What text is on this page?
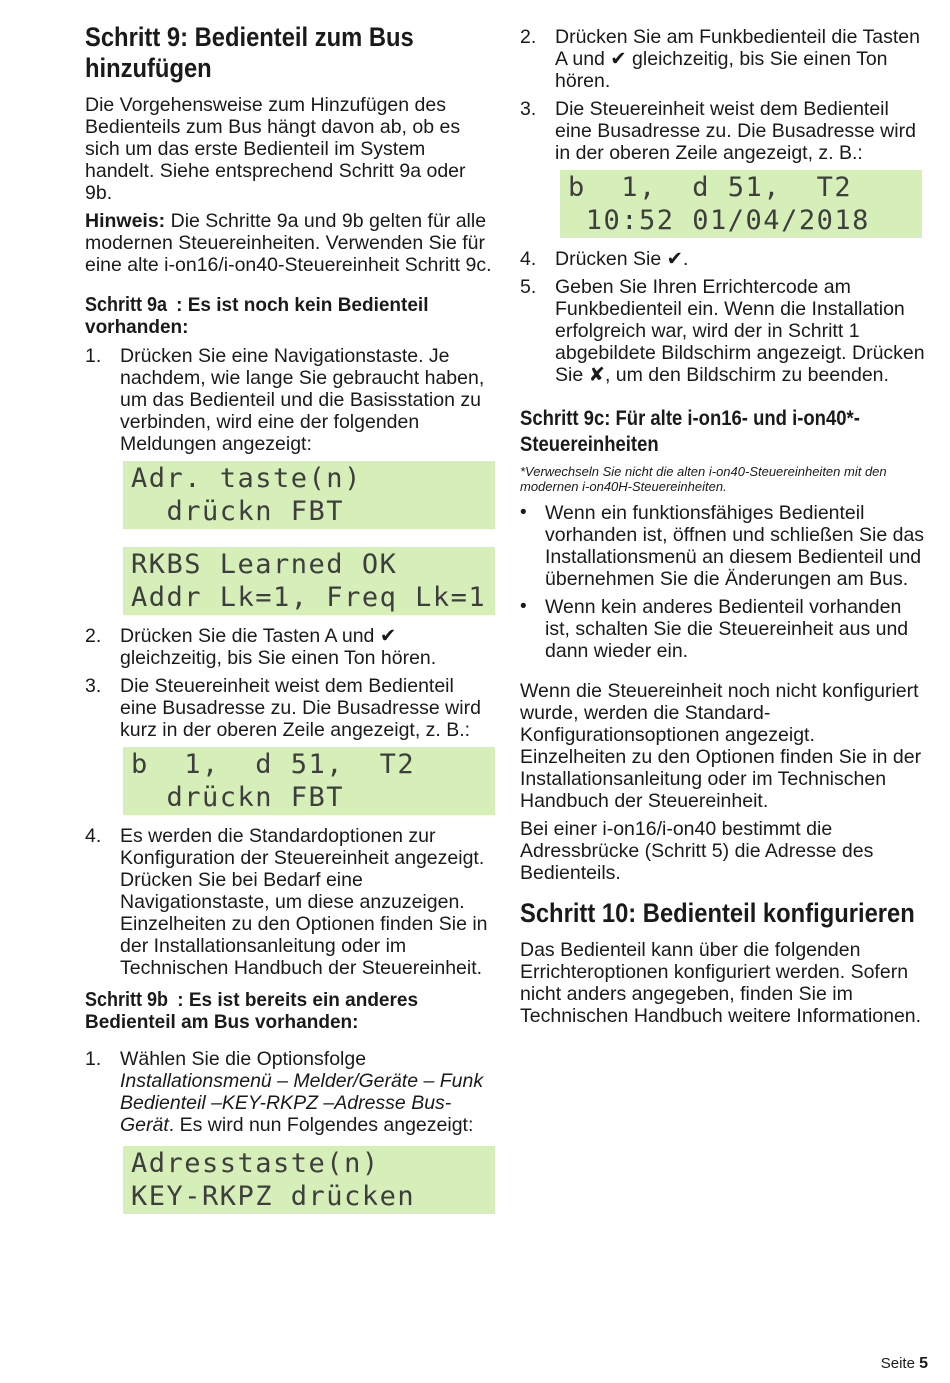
Schritt 9: Bedienteil zum Bus hinzufügen

Die Vorgehensweise zum Hinzufügen des Bedienteils zum Bus hängt davon ab, ob es sich um das erste Bedienteil im System handelt. Siehe entsprechend Schritt 9a oder 9b.

Hinweis: Die Schritte 9a und 9b gelten für alle modernen Steuereinheiten. Verwenden Sie für eine alte i-on16/i-on40-Steuereinheit Schritt 9c.

Schritt 9a : Es ist noch kein Bedienteil vorhanden:
1. Drücken Sie eine Navigationstaste. Je nachdem, wie lange Sie gebraucht haben, um das Bedienteil und die Basisstation zu verbinden, wird eine der folgenden Meldungen angezeigt:
Adr. taste(n)
drückn FBT
RKBS Learned OK
Addr Lk=1, Freq Lk=1
2. Drücken Sie die Tasten A und ✔ gleichzeitig, bis Sie einen Ton hören.
3. Die Steuereinheit weist dem Bedienteil eine Busadresse zu. Die Busadresse wird kurz in der oberen Zeile angezeigt, z. B.:
b  1,  d 51,  T2
drückn FBT
4. Es werden die Standardoptionen zur Konfiguration der Steuereinheit angezeigt. Drücken Sie bei Bedarf eine Navigationstaste, um diese anzuzeigen. Einzelheiten zu den Optionen finden Sie in der Installationsanleitung oder im Technischen Handbuch der Steuereinheit.
Schritt 9b : Es ist bereits ein anderes Bedienteil am Bus vorhanden:
1. Wählen Sie die Optionsfolge Installationsmenü – Melder/Geräte – Funk Bedienteil –KEY-RKPZ –Adresse Bus-Gerät. Es wird nun Folgendes angezeigt:
Adresstaste(n)
KEY-RKPZ drücken
2. Drücken Sie am Funkbedienteil die Tasten A und ✔ gleichzeitig, bis Sie einen Ton hören.
3. Die Steuereinheit weist dem Bedienteil eine Busadresse zu. Die Busadresse wird in der oberen Zeile angezeigt, z. B.:
b  1,  d 51,  T2
10:52 01/04/2018
4. Drücken Sie ✔.
5. Geben Sie Ihren Errichtercode am Funkbedienteil ein. Wenn die Installation erfolgreich war, wird der in Schritt 1 abgebildete Bildschirm angezeigt. Drücken Sie ✘, um den Bildschirm zu beenden.
Schritt 9c: Für alte i-on16- und i-on40*-Steuereinheiten

*Verwechseln Sie nicht die alten i-on40-Steuereinheiten mit den modernen i-on40H-Steuereinheiten.

• Wenn ein funktionsfähiges Bedienteil vorhanden ist, öffnen und schließen Sie das Installationsmenü an diesem Bedienteil und übernehmen Sie die Änderungen am Bus.
• Wenn kein anderes Bedienteil vorhanden ist, schalten Sie die Steuereinheit aus und dann wieder ein.

Wenn die Steuereinheit noch nicht konfiguriert wurde, werden die Standard-Konfigurationsoptionen angezeigt. Einzelheiten zu den Optionen finden Sie in der Installationsanleitung oder im Technischen Handbuch der Steuereinheit.

Bei einer i-on16/i-on40 bestimmt die Adressbrücke (Schritt 5) die Adresse des Bedienteils.

Schritt 10: Bedienteil konfigurieren

Das Bedienteil kann über die folgenden Errichteroptionen konfiguriert werden. Sofern nicht anders angegeben, finden Sie im Technischen Handbuch weitere Informationen.

Seite 5
